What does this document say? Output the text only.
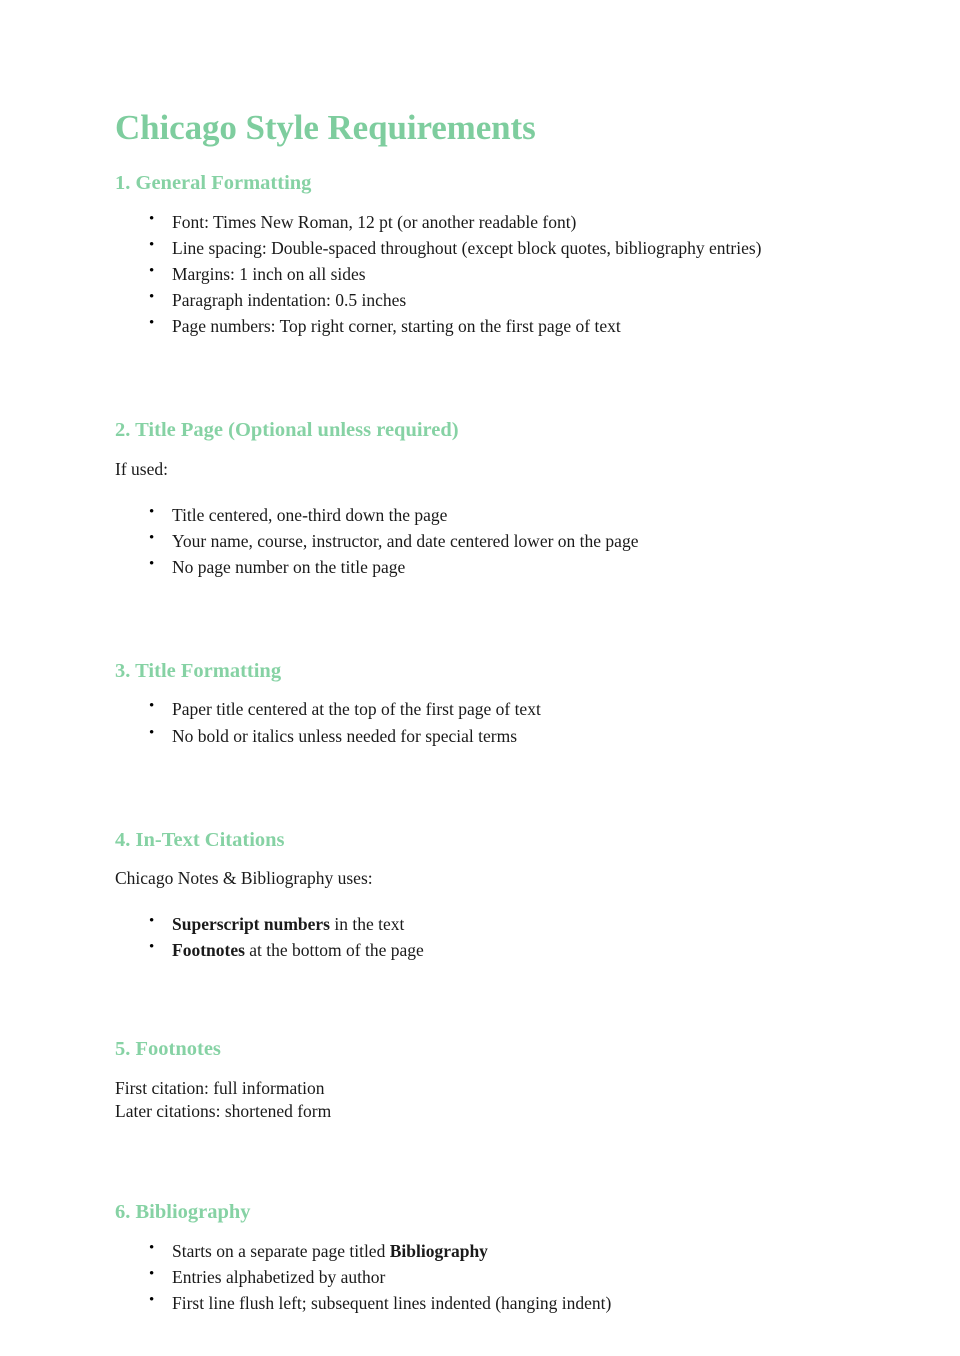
Chicago Style Requirements
1. General Formatting
• Font: Times New Roman, 12 pt (or another readable font)
• Line spacing: Double-spaced throughout (except block quotes, bibliography entries)
• Margins: 1 inch on all sides
• Paragraph indentation: 0.5 inches
• Page numbers: Top right corner, starting on the first page of text
2. Title Page (Optional unless required)

If used:

• Title centered, one-third down the page
• Your name, course, instructor, and date centered lower on the page
• No page number on the title page
3. Title Formatting
• Paper title centered at the top of the first page of text
• No bold or italics unless needed for special terms
4. In-Text Citations

Chicago Notes & Bibliography uses:

• Superscript numbers in the text
• Footnotes at the bottom of the page
5. Footnotes

First citation: full information

Later citations: shortened form

6. Bibliography
• Starts on a separate page titled Bibliography
• Entries alphabetized by author
• First line flush left; subsequent lines indented (hanging indent)
